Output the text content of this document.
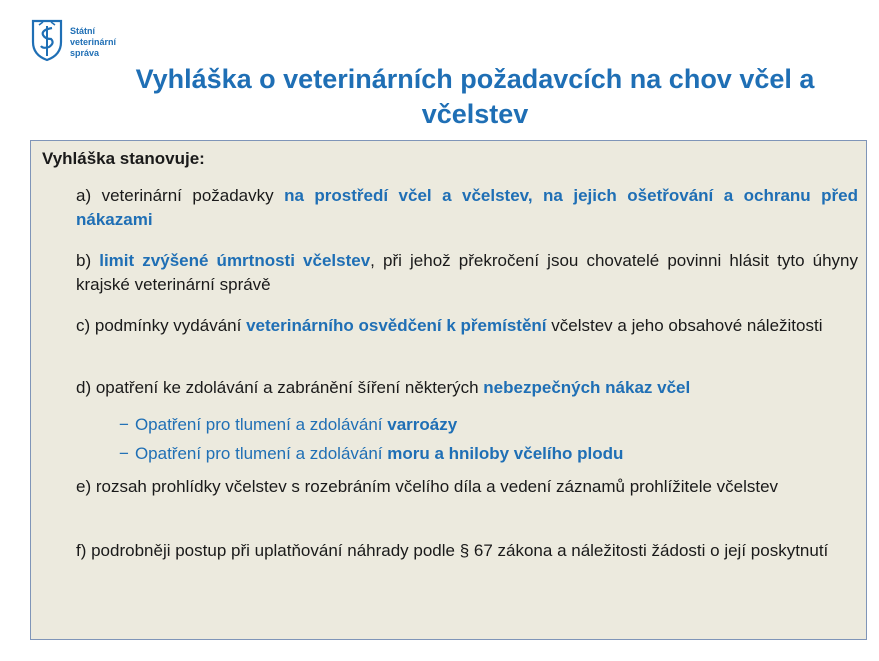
Státní
veterinární
správa
Vyhláška o veterinárních požadavcích na chov včel a
včelstev
Vyhláška stanovuje:
a) veterinární požadavky na prostředí včel a včelstev, na jejich ošetřování a ochranu před nákazami
b) limit zvýšené úmrtnosti včelstev, při jehož překročení jsou chovatelé povinni hlásit tyto úhyny krajské veterinární správě
c) podmínky vydávání veterinárního osvědčení k přemístění včelstev a jeho obsahové náležitosti
d) opatření ke zdolávání a zabránění šíření některých nebezpečných nákaz včel
− Opatření pro tlumení a zdolávání varroázy
− Opatření pro tlumení a zdolávání moru a hniloby včelího plodu
e) rozsah prohlídky včelstev s rozebráním včelího díla a vedení záznamů prohlížitele včelstev
f) podrobněji postup při uplatňování náhrady podle § 67 zákona a náležitosti žádosti o její poskytnutí
